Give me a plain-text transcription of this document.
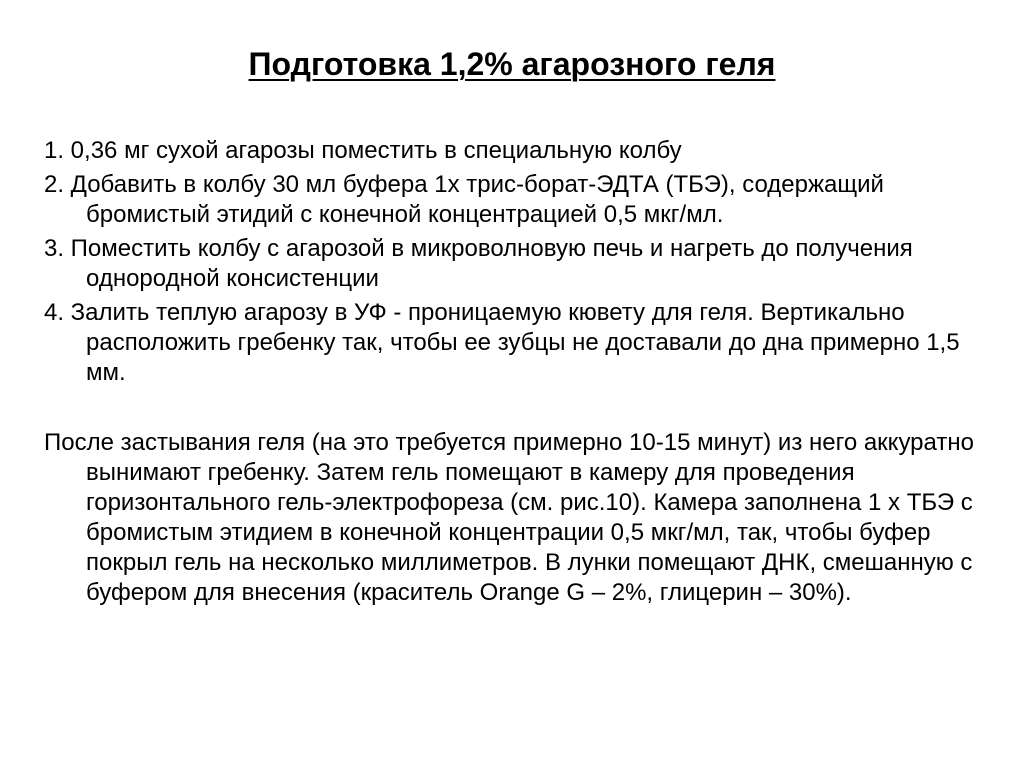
Подготовка 1,2% агарозного геля

1. 0,36 мг сухой агарозы поместить в специальную колбу

2. Добавить в колбу 30 мл буфера 1х трис-борат-ЭДТА (ТБЭ), содержащий бромистый этидий с конечной концентрацией 0,5 мкг/мл.

3. Поместить колбу с агарозой в микроволновую печь и нагреть до получения однородной консистенции

4. Залить теплую агарозу в УФ - проницаемую кювету для геля. Вертикально расположить гребенку так, чтобы ее зубцы не доставали до дна примерно 1,5 мм.

После застывания геля (на это требуется примерно 10-15 минут) из него аккуратно вынимают гребенку. Затем гель помещают в камеру для проведения горизонтального гель-электрофореза (см. рис.10). Камера заполнена 1 х ТБЭ с бромистым этидием в конечной концентрации 0,5 мкг/мл, так, чтобы буфер покрыл гель на несколько миллиметров. В лунки помещают ДНК, смешанную с буфером для внесения (краситель Orange G – 2%, глицерин – 30%).
